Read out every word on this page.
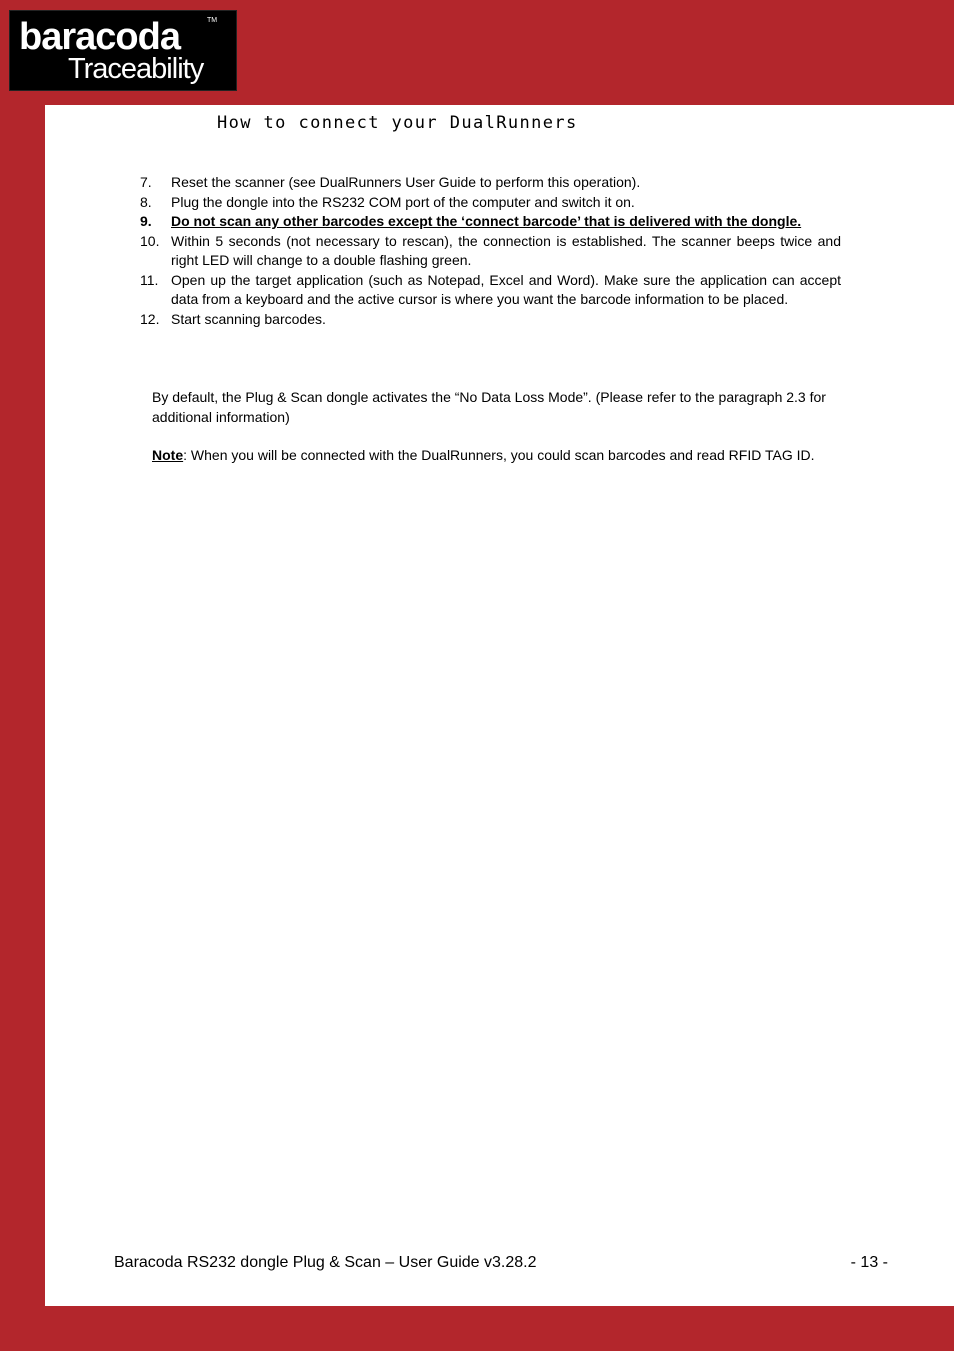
baracoda	TM
Traceability
How to connect your DualRunners
7.	Reset the scanner (see DualRunners User Guide to perform this operation).
8.	Plug the dongle into the RS232 COM port of the computer and switch it on.
9.	Do not scan any other barcodes except the ‘connect barcode’ that is delivered with the dongle.
10. Within 5 seconds (not necessary to rescan), the connection is established. The scanner beeps twice and right LED will change to a double flashing green.
11. Open up the target application (such as Notepad, Excel and Word). Make sure the application can accept data from a keyboard and the active cursor is where you want the barcode information to be placed.
12. Start scanning barcodes.
By default, the Plug & Scan dongle activates the “No Data Loss Mode”. (Please refer to the paragraph 2.3 for additional information)
Note: When you will be connected with the DualRunners, you could scan barcodes and read RFID TAG ID.
Baracoda RS232 dongle Plug & Scan – User Guide v3.28.2	- 13 -
